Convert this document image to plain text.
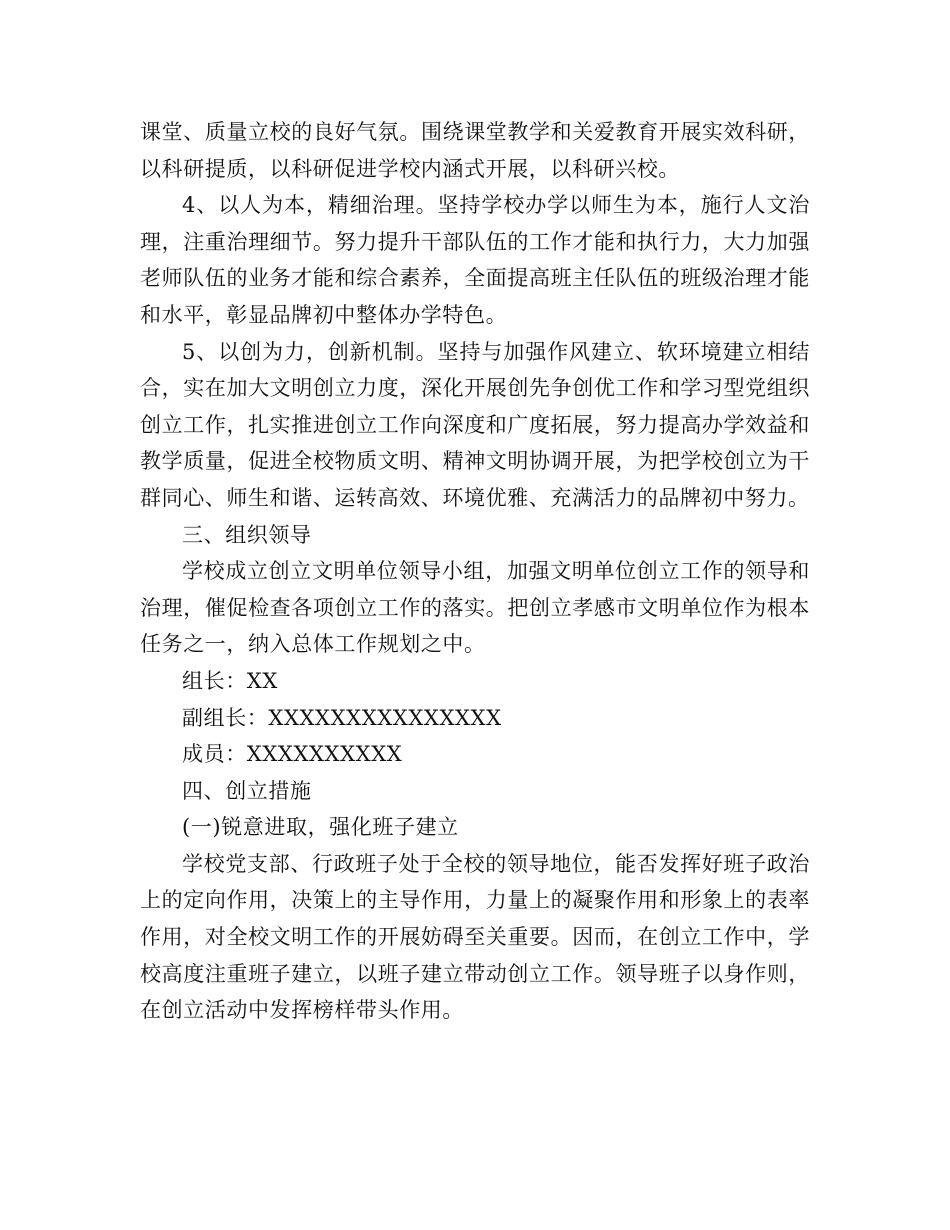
课堂、质量立校的良好气氛。围绕课堂教学和关爱教育开展实效科研，以科研提质，以科研促进学校内涵式开展，以科研兴校。

4、以人为本，精细治理。坚持学校办学以师生为本，施行人文治理，注重治理细节。努力提升干部队伍的工作才能和执行力，大力加强老师队伍的业务才能和综合素养，全面提高班主任队伍的班级治理才能和水平，彰显品牌初中整体办学特色。

5、以创为力，创新机制。坚持与加强作风建立、软环境建立相结合，实在加大文明创立力度，深化开展创先争创优工作和学习型党组织创立工作，扎实推进创立工作向深度和广度拓展，努力提高办学效益和教学质量，促进全校物质文明、精神文明协调开展，为把学校创立为干群同心、师生和谐、运转高效、环境优雅、充满活力的品牌初中努力。

三、组织领导

学校成立创立文明单位领导小组，加强文明单位创立工作的领导和治理，催促检查各项创立工作的落实。把创立孝感市文明单位作为根本任务之一，纳入总体工作规划之中。

组长：XX

副组长：XXXXXXXXXXXXXXX

成员：XXXXXXXXXX

四、创立措施

(一)锐意进取，强化班子建立

学校党支部、行政班子处于全校的领导地位，能否发挥好班子政治上的定向作用，决策上的主导作用，力量上的凝聚作用和形象上的表率作用，对全校文明工作的开展妨碍至关重要。因而，在创立工作中，学校高度注重班子建立，以班子建立带动创立工作。领导班子以身作则，在创立活动中发挥榜样带头作用。
